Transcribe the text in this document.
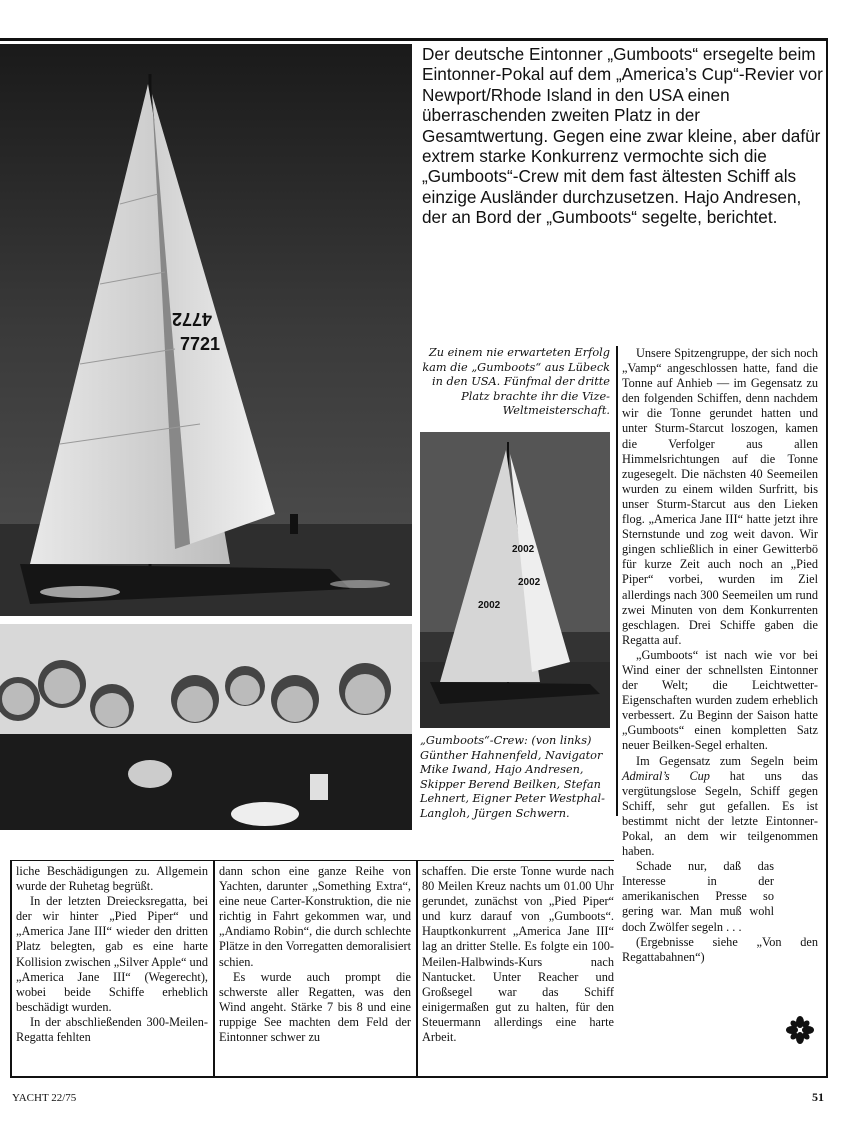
4772
7721
Der deutsche Eintonner „Gumboots“ ersegelte beim Eintonner-Pokal auf dem „America’s Cup“-Revier vor Newport/Rhode Island in den USA einen überraschenden zweiten Platz in der Gesamtwertung. Gegen eine zwar kleine, aber dafür extrem starke Konkurrenz vermochte sich die „Gumboots“-Crew mit dem fast ältesten Schiff als einzige Ausländer durchzusetzen. Hajo Andresen, der an Bord der „Gumboots“ segelte, berichtet.
Zu einem nie erwarteten Erfolg kam die „Gumboots“ aus Lübeck in den USA. Fünfmal der dritte Platz brachte ihr die Vize-Weltmeisterschaft.
2002
2002
2002
„Gumboots“-Crew: (von links) Günther Hahnenfeld, Navigator Mike Iwand, Hajo Andresen, Skipper Berend Beilken, Stefan Lehnert, Eigner Peter Westphal-Langloh, Jürgen Schwern.

Unsere Spitzengruppe, der sich noch „Vamp“ angeschlossen hatte, fand die Tonne auf Anhieb — im Gegensatz zu den folgenden Schiffen, denn nachdem wir die Tonne gerundet hatten und unter Sturm-Starcut loszogen, kamen die Verfolger aus allen Himmelsrichtungen auf die Tonne zugesegelt. Die nächsten 40 Seemeilen wurden zu einem wilden Surfritt, bis unser Sturm-Starcut aus den Lieken flog. „America Jane III“ hatte jetzt ihre Sternstunde und zog weit davon. Wir gingen schließlich in einer Gewitterbö für kurze Zeit auch noch an „Pied Piper“ vorbei, wurden im Ziel allerdings nach 300 Seemeilen um rund zwei Minuten von dem Konkurrenten geschlagen. Drei Schiffe gaben die Regatta auf.

„Gumboots“ ist nach wie vor bei Wind einer der schnellsten Eintonner der Welt; die Leichtwetter-Eigenschaften wurden zudem erheblich verbessert. Zu Beginn der Saison hatte „Gumboots“ einen kompletten Satz neuer Beilken-Segel erhalten.

Im Gegensatz zum Segeln beim Admiral’s Cup hat uns das vergütungslose Segeln, Schiff gegen Schiff, sehr gut gefallen. Es ist bestimmt nicht der letzte Eintonner-Pokal, an dem wir teilgenommen haben.

Schade nur, daß das Interesse in der amerikanischen Presse so gering war. Man muß wohl doch Zwölfer segeln . . .

(Ergebnisse siehe „Von den Regattabahnen“)

liche Beschädigungen zu. Allgemein wurde der Ruhetag begrüßt.

In der letzten Dreiecksregatta, bei der wir hinter „Pied Piper“ und „America Jane III“ wieder den dritten Platz belegten, gab es eine harte Kollision zwischen „Silver Apple“ und „America Jane III“ (Wegerecht), wobei beide Schiffe erheblich beschädigt wurden.

In der abschließenden 300-Meilen-Regatta fehlten

dann schon eine ganze Reihe von Yachten, darunter „Something Extra“, eine neue Carter-Konstruktion, die nie richtig in Fahrt gekommen war, und „Andiamo Robin“, die durch schlechte Plätze in den Vorregatten demoralisiert schien.

Es wurde auch prompt die schwerste aller Regatten, was den Wind angeht. Stärke 7 bis 8 und eine ruppige See machten dem Feld der Eintonner schwer zu

schaffen. Die erste Tonne wurde nach 80 Meilen Kreuz nachts um 01.00 Uhr gerundet, zunächst von „Pied Piper“ und kurz darauf von „Gumboots“. Hauptkonkurrent „America Jane III“ lag an dritter Stelle. Es folgte ein 100-Meilen-Halbwinds-Kurs nach Nantucket. Unter Reacher und Großsegel war das Schiff einigermaßen gut zu halten, für den Steuermann allerdings eine harte Arbeit.

YACHT 22/75	51
